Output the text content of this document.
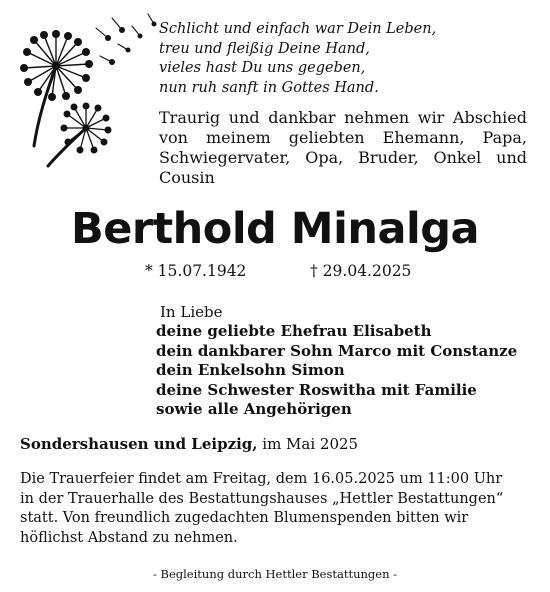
Schlicht und einfach war Dein Leben,
treu und fleißig Deine Hand,
vieles hast Du uns gegeben,
nun ruh sanft in Gottes Hand.
Traurig und dankbar nehmen wir Abschied von meinem geliebten Ehemann, Papa, Schwiegervater, Opa, Bruder, Onkel und Cousin
Berthold Minalga
* 15.07.1942	† 29.04.2025
In Liebe
deine geliebte Ehefrau Elisabeth
dein dankbarer Sohn Marco mit Constanze
dein Enkelsohn Simon
deine Schwester Roswitha mit Familie
sowie alle Angehörigen
Sondershausen und Leipzig, im Mai 2025
Die Trauerfeier findet am Freitag, dem 16.05.2025 um 11:00 Uhr
in der Trauerhalle des Bestattungshauses „Hettler Bestattungen“
statt. Von freundlich zugedachten Blumenspenden bitten wir
höflichst Abstand zu nehmen.
- Begleitung durch Hettler Bestattungen -
